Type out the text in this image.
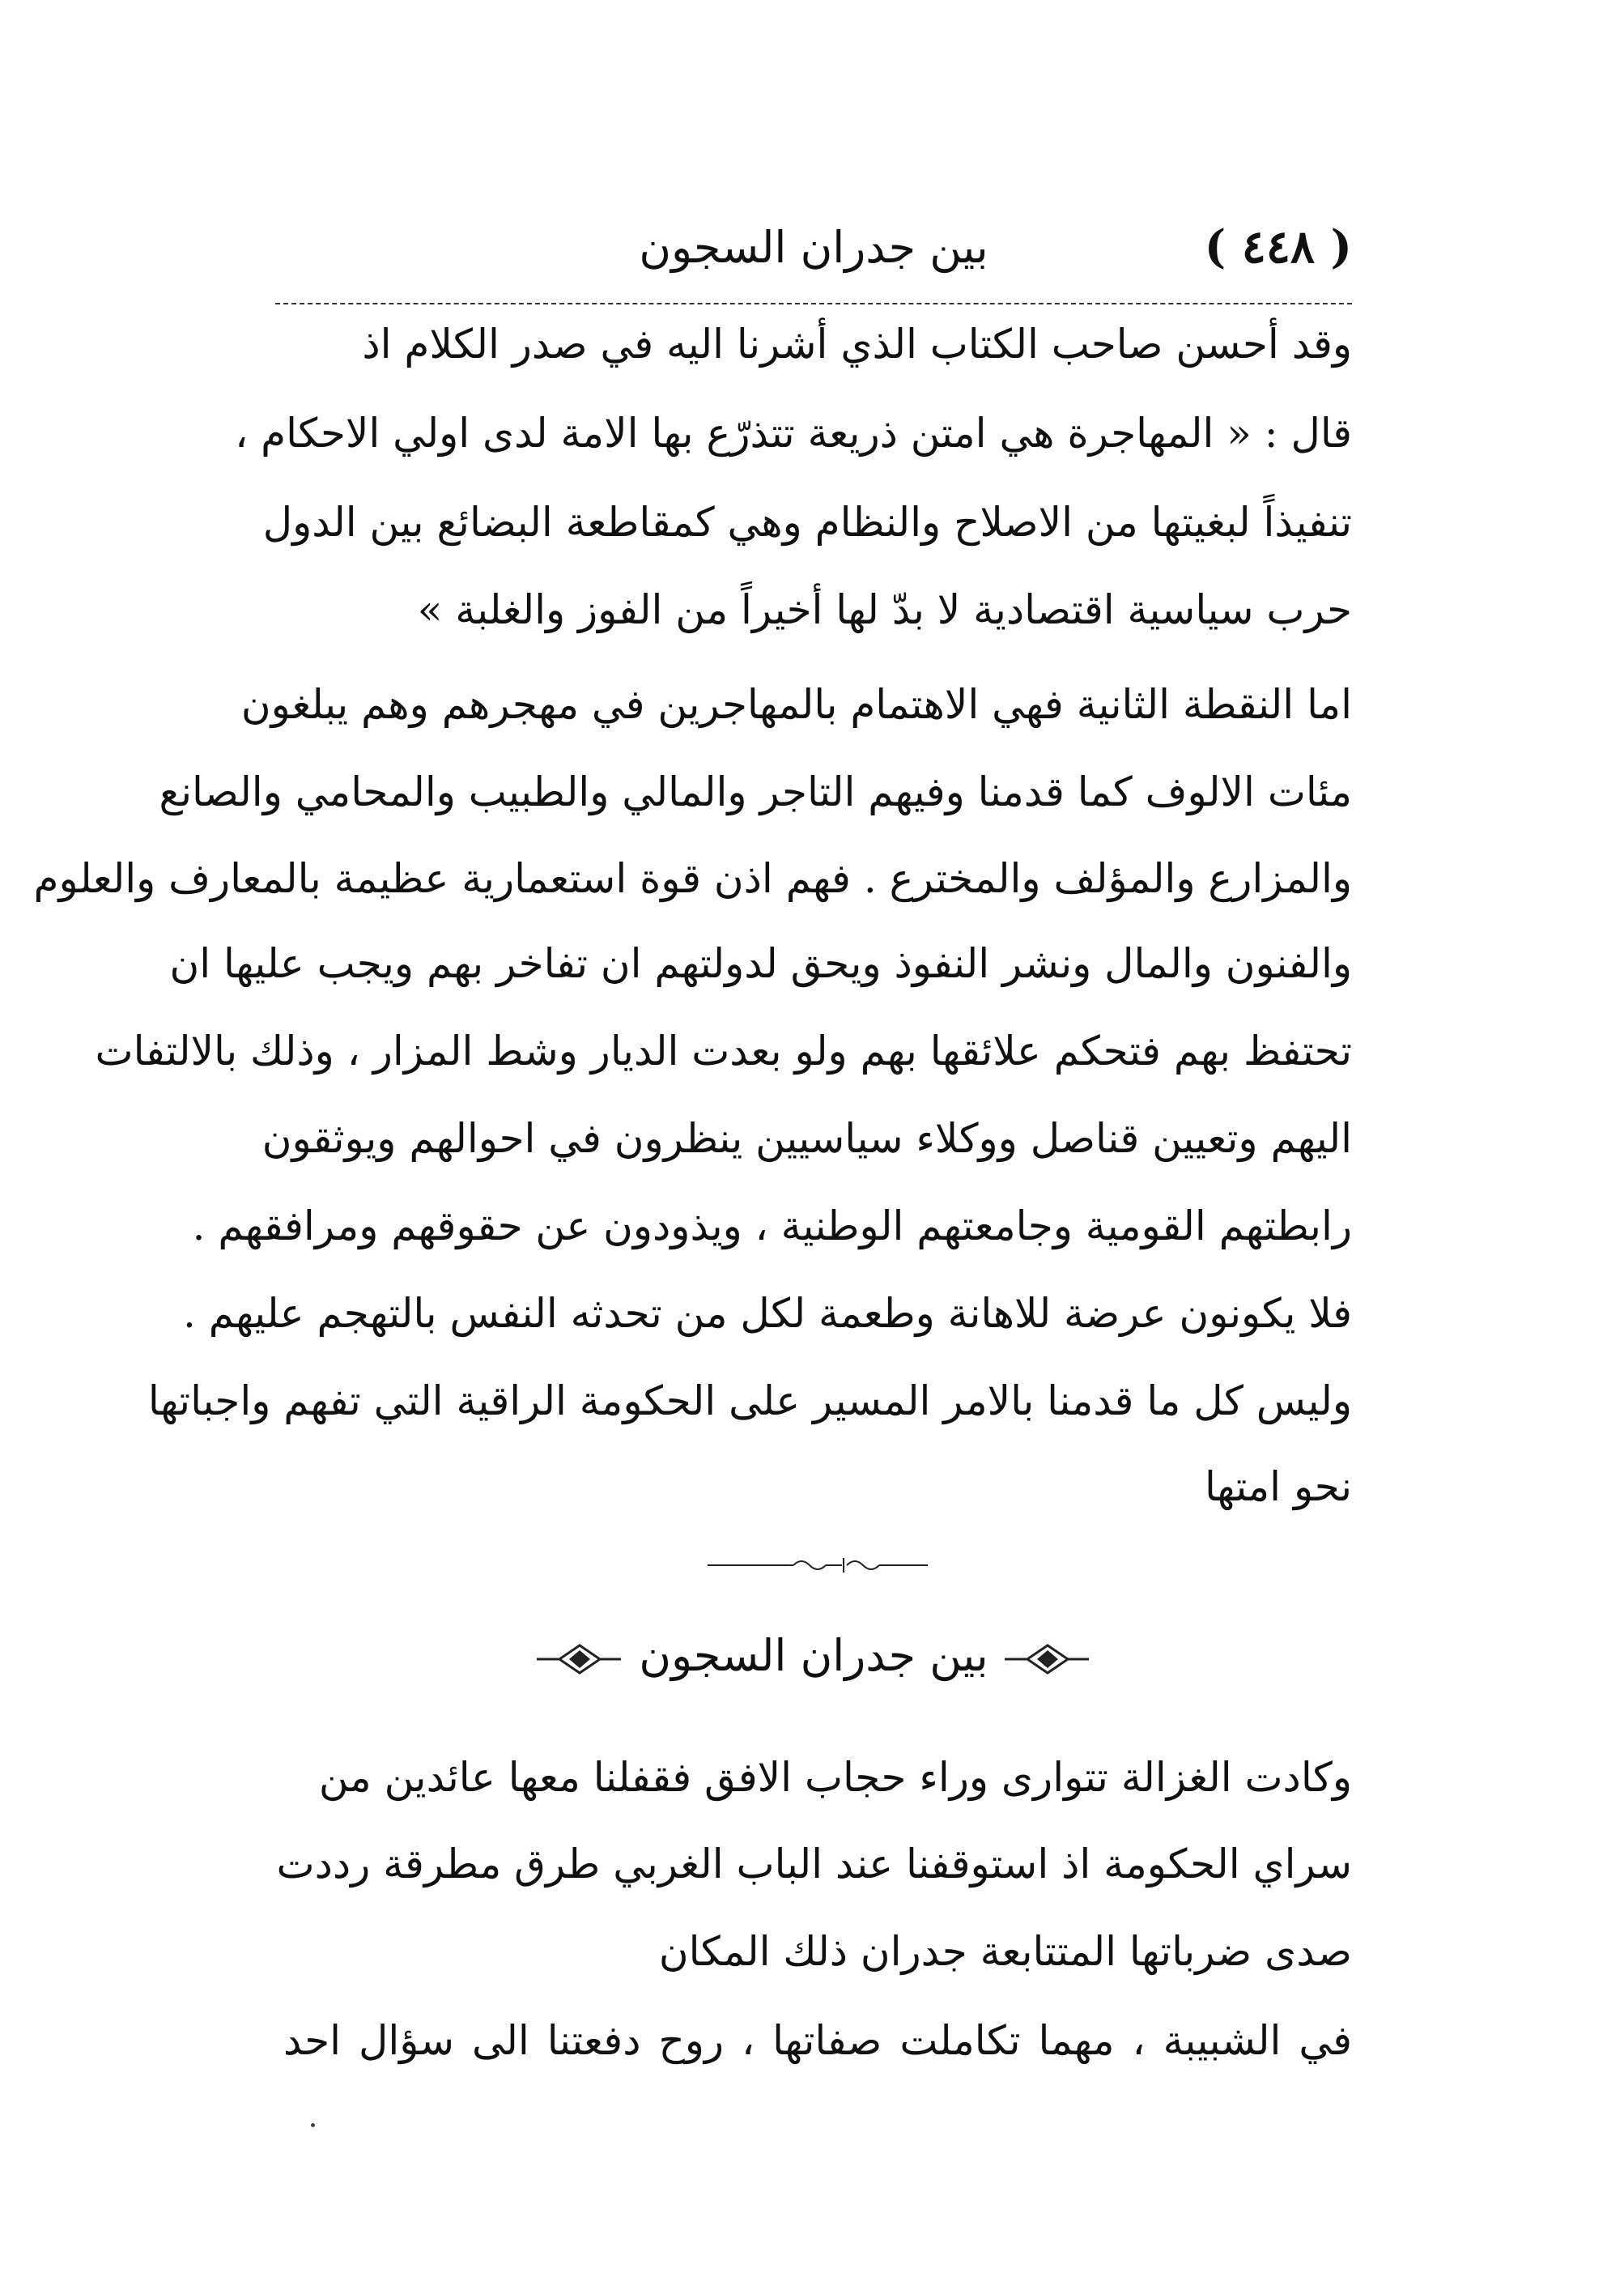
( ٤٤٨ )
بين جدران السجون
وقد أحسن صاحب الكتاب الذي أشرنا اليه في صدر الكلام اذ
قال : « المهاجرة هي امتن ذريعة تتذرّع بها الامة لدى اولي الاحكام ،
تنفيذاً لبغيتها من الاصلاح والنظام وهي كمقاطعة البضائع بين الدول
حرب سياسية اقتصادية لا بدّ لها أخيراً من الفوز والغلبة »
اما النقطة الثانية فهي الاهتمام بالمهاجرين في مهجرهم وهم يبلغون
مئات الالوف كما قدمنا وفيهم التاجر والمالي والطبيب والمحامي والصانع
والمزارع والمؤلف والمخترع . فهم اذن قوة استعمارية عظيمة بالمعارف والعلوم
والفنون والمال ونشر النفوذ ويحق لدولتهم ان تفاخر بهم ويجب عليها ان
تحتفظ بهم فتحكم علائقها بهم ولو بعدت الديار وشط المزار ، وذلك بالالتفات
اليهم وتعيين قناصل ووكلاء سياسيين ينظرون في احوالهم ويوثقون
رابطتهم القومية وجامعتهم الوطنية ، ويذودون عن حقوقهم ومرافقهم .
فلا يكونون عرضة للاهانة وطعمة لكل من تحدثه النفس بالتهجم عليهم .
وليس كل ما قدمنا بالامر المسير على الحكومة الراقية التي تفهم واجباتها
نحو امتها
بين جدران السجون
وكادت الغزالة تتوارى وراء حجاب الافق فقفلنا معها عائدين من
سراي الحكومة اذ استوقفنا عند الباب الغربي طرق مطرقة رددت
صدى ضرباتها المتتابعة جدران ذلك المكان
في الشبيبة ، مهما تكاملت صفاتها ، روح دفعتنا الى سؤال احد
